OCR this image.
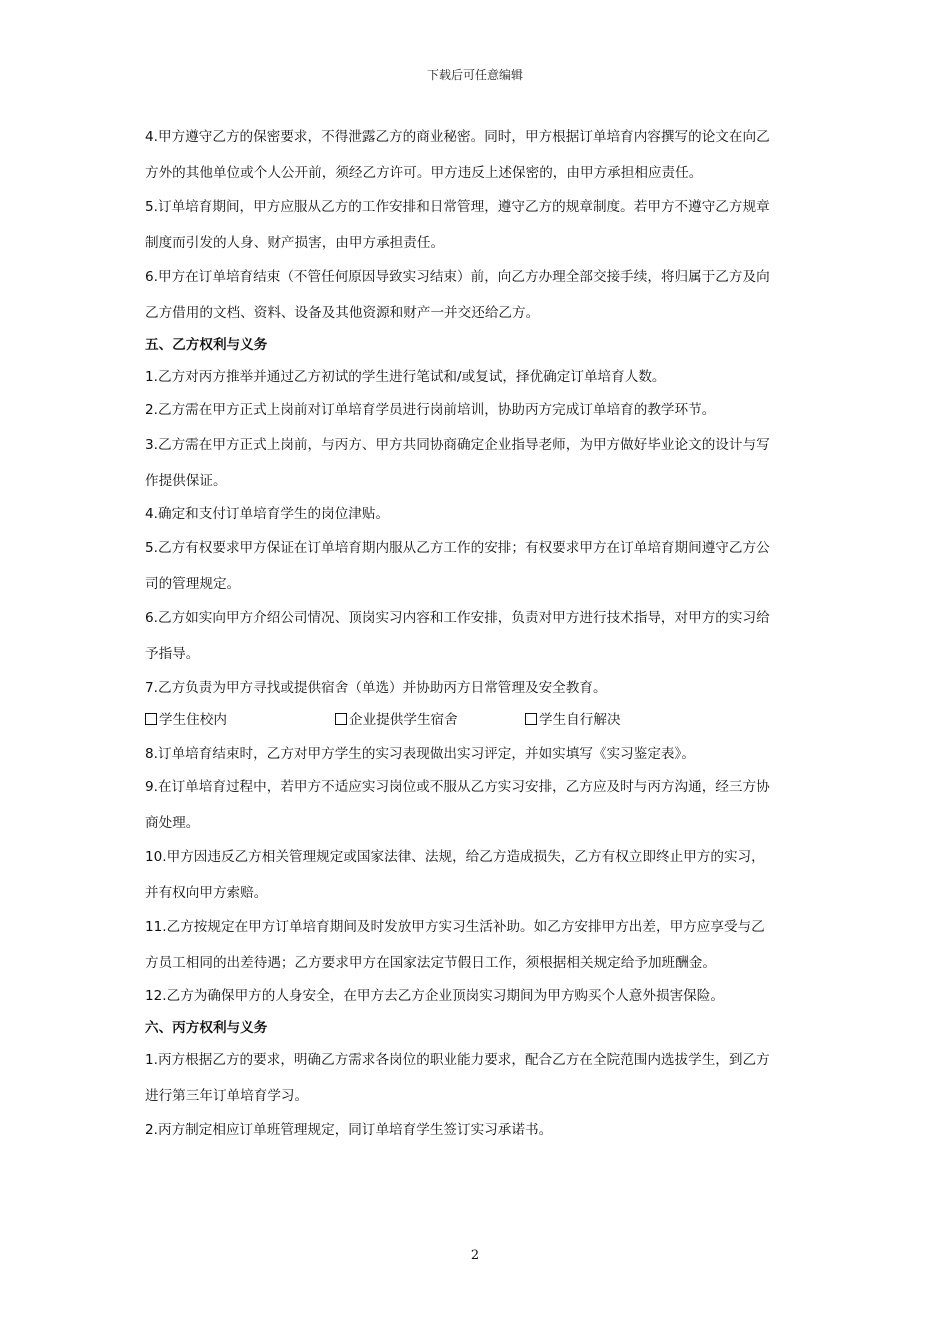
下载后可任意编辑
4.甲方遵守乙方的保密要求，不得泄露乙方的商业秘密。同时，甲方根据订单培育内容撰写的论文在向乙
方外的其他单位或个人公开前，须经乙方许可。甲方违反上述保密的，由甲方承担相应责任。
5.订单培育期间，甲方应服从乙方的工作安排和日常管理，遵守乙方的规章制度。若甲方不遵守乙方规章
制度而引发的人身、财产损害，由甲方承担责任。
6.甲方在订单培育结束（不管任何原因导致实习结束）前，向乙方办理全部交接手续，将归属于乙方及向
乙方借用的文档、资料、设备及其他资源和财产一并交还给乙方。
五、乙方权利与义务
1.乙方对丙方推举并通过乙方初试的学生进行笔试和/或复试，择优确定订单培育人数。
2.乙方需在甲方正式上岗前对订单培育学员进行岗前培训，协助丙方完成订单培育的教学环节。
3.乙方需在甲方正式上岗前，与丙方、甲方共同协商确定企业指导老师，为甲方做好毕业论文的设计与写
作提供保证。
4.确定和支付订单培育学生的岗位津贴。
5.乙方有权要求甲方保证在订单培育期内服从乙方工作的安排；有权要求甲方在订单培育期间遵守乙方公
司的管理规定。
6.乙方如实向甲方介绍公司情况、顶岗实习内容和工作安排，负责对甲方进行技术指导，对甲方的实习给
予指导。
7.乙方负责为甲方寻找或提供宿舍（单选）并协助丙方日常管理及安全教育。
学生住校内	企业提供学生宿舍	学生自行解决
8.订单培育结束时，乙方对甲方学生的实习表现做出实习评定，并如实填写《实习鉴定表》。
9.在订单培育过程中，若甲方不适应实习岗位或不服从乙方实习安排，乙方应及时与丙方沟通，经三方协
商处理。
10.甲方因违反乙方相关管理规定或国家法律、法规，给乙方造成损失，乙方有权立即终止甲方的实习，
并有权向甲方索赔。
11.乙方按规定在甲方订单培育期间及时发放甲方实习生活补助。如乙方安排甲方出差，甲方应享受与乙
方员工相同的出差待遇；乙方要求甲方在国家法定节假日工作，须根据相关规定给予加班酬金。
12.乙方为确保甲方的人身安全，在甲方去乙方企业顶岗实习期间为甲方购买个人意外损害保险。
六、丙方权利与义务
1.丙方根据乙方的要求，明确乙方需求各岗位的职业能力要求，配合乙方在全院范围内选拔学生，到乙方
进行第三年订单培育学习。
2.丙方制定相应订单班管理规定，同订单培育学生签订实习承诺书。
2
